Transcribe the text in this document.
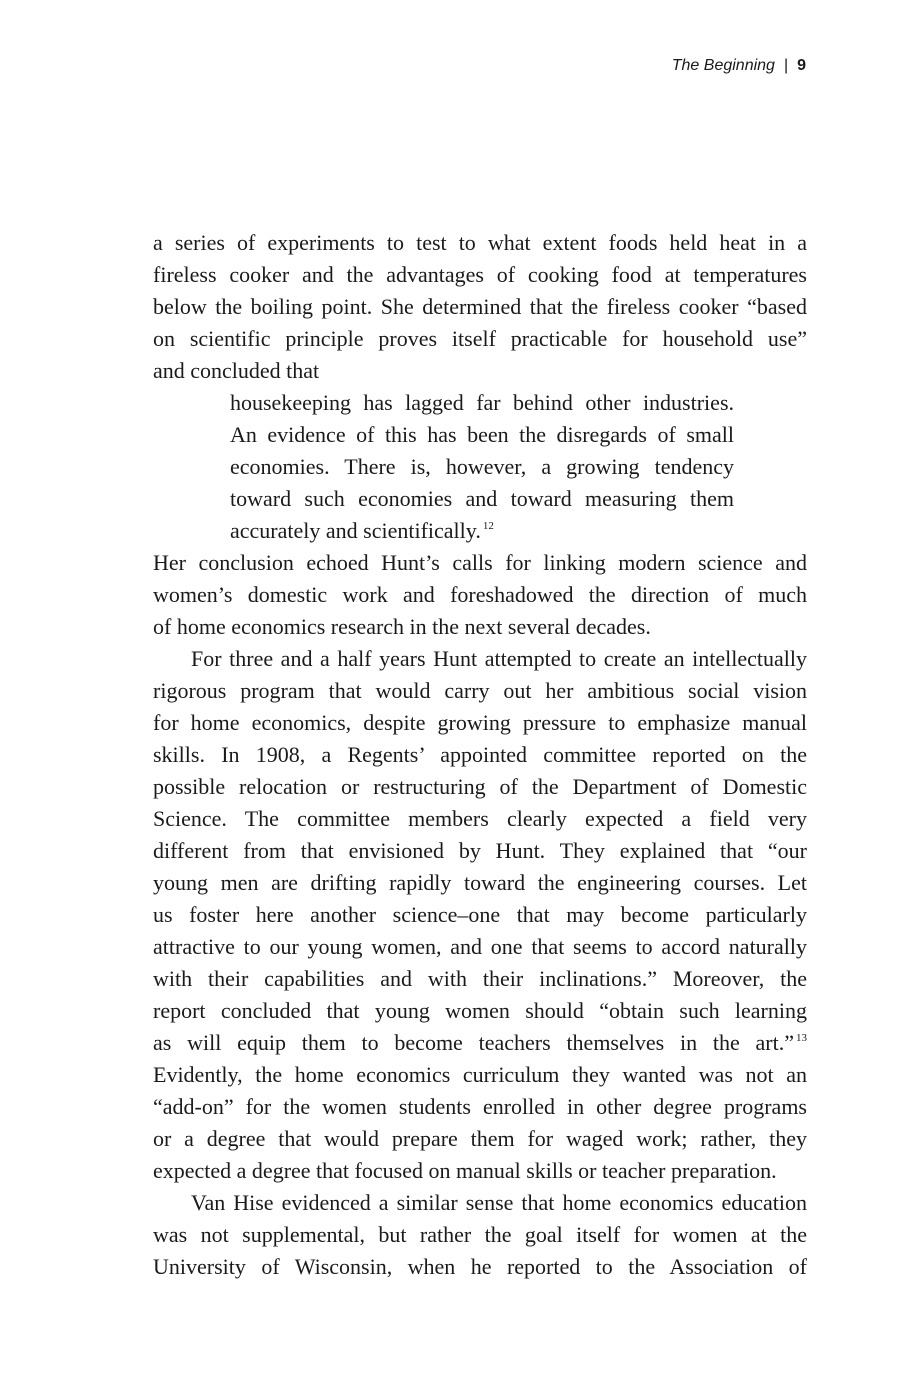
The Beginning | 9
a series of experiments to test to what extent foods held heat in a
fireless cooker and the advantages of cooking food at temperatures
below the boiling point. She determined that the fireless cooker “based
on scientific principle proves itself practicable for household use”
and concluded that
housekeeping has lagged far behind other industries.
An evidence of this has been the disregards of small
economies. There is, however, a growing tendency
toward such economies and toward measuring them
accurately and scientifically. $^{12}$
Her conclusion echoed Hunt’s calls for linking modern science and
women’s domestic work and foreshadowed the direction of much
of home economics research in the next several decades.
For three and a half years Hunt attempted to create an intellectually
rigorous program that would carry out her ambitious social vision
for home economics, despite growing pressure to emphasize manual
skills. In 1908, a Regents’ appointed committee reported on the
possible relocation or restructuring of the Department of Domestic
Science. The committee members clearly expected a field very
different from that envisioned by Hunt. They explained that “our
young men are drifting rapidly toward the engineering courses. Let
us foster here another science–one that may become particularly
attractive to our young women, and one that seems to accord naturally
with their capabilities and with their inclinations.” Moreover, the
report concluded that young women should “obtain such learning
as will equip them to become teachers themselves in the art.” $^{13}$
Evidently, the home economics curriculum they wanted was not an
“add-on” for the women students enrolled in other degree programs
or a degree that would prepare them for waged work; rather, they
expected a degree that focused on manual skills or teacher preparation.
Van Hise evidenced a similar sense that home economics education
was not supplemental, but rather the goal itself for women at the
University of Wisconsin, when he reported to the Association of
